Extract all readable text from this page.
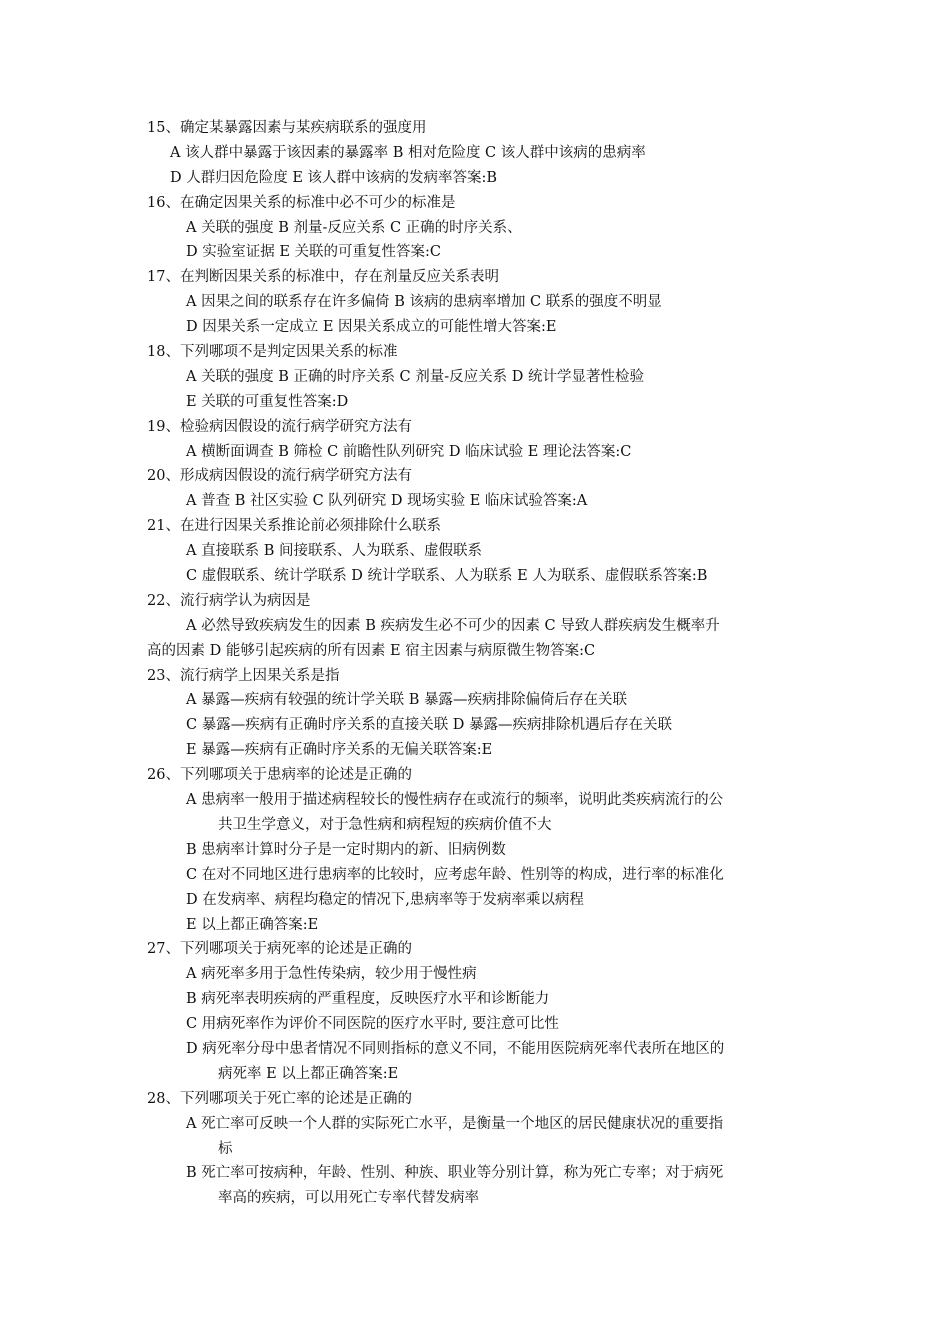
15、确定某暴露因素与某疾病联系的强度用
A 该人群中暴露于该因素的暴露率 B 相对危险度 C 该人群中该病的患病率
D 人群归因危险度 E 该人群中该病的发病率答案:B
16、在确定因果关系的标准中必不可少的标准是
A 关联的强度 B 剂量-反应关系 C 正确的时序关系、
D 实验室证据 E 关联的可重复性答案:C
17、在判断因果关系的标准中，存在剂量反应关系表明
A 因果之间的联系存在许多偏倚 B 该病的患病率增加 C 联系的强度不明显
D 因果关系一定成立 E 因果关系成立的可能性增大答案:E
18、下列哪项不是判定因果关系的标准
A 关联的强度 B 正确的时序关系 C 剂量-反应关系 D 统计学显著性检验
E 关联的可重复性答案:D
19、检验病因假设的流行病学研究方法有
A 横断面调查 B 筛检 C 前瞻性队列研究 D 临床试验 E 理论法答案:C
20、形成病因假设的流行病学研究方法有
A 普查 B 社区实验 C 队列研究 D 现场实验 E 临床试验答案:A
21、在进行因果关系推论前必须排除什么联系
A 直接联系 B 间接联系、人为联系、虚假联系
C 虚假联系、统计学联系 D 统计学联系、人为联系 E 人为联系、虚假联系答案:B
22、流行病学认为病因是
A 必然导致疾病发生的因素 B 疾病发生必不可少的因素 C 导致人群疾病发生概率升
高的因素 D 能够引起疾病的所有因素 E 宿主因素与病原微生物答案:C
23、流行病学上因果关系是指
A 暴露—疾病有较强的统计学关联 B 暴露—疾病排除偏倚后存在关联
C 暴露—疾病有正确时序关系的直接关联 D 暴露—疾病排除机遇后存在关联
E 暴露—疾病有正确时序关系的无偏关联答案:E
26、下列哪项关于患病率的论述是正确的
A 患病率一般用于描述病程较长的慢性病存在或流行的频率，说明此类疾病流行的公
共卫生学意义，对于急性病和病程短的疾病价值不大
B 患病率计算时分子是一定时期内的新、旧病例数
C 在对不同地区进行患病率的比较时，应考虑年龄、性别等的构成，进行率的标准化
D 在发病率、病程均稳定的情况下,患病率等于发病率乘以病程
E 以上都正确答案:E
27、下列哪项关于病死率的论述是正确的
A 病死率多用于急性传染病，较少用于慢性病
B 病死率表明疾病的严重程度，反映医疗水平和诊断能力
C 用病死率作为评价不同医院的医疗水平时, 要注意可比性
D 病死率分母中患者情况不同则指标的意义不同，不能用医院病死率代表所在地区的
病死率 E 以上都正确答案:E
28、下列哪项关于死亡率的论述是正确的
A 死亡率可反映一个人群的实际死亡水平，是衡量一个地区的居民健康状况的重要指
标
B 死亡率可按病种，年龄、性别、种族、职业等分别计算，称为死亡专率；对于病死
率高的疾病，可以用死亡专率代替发病率
